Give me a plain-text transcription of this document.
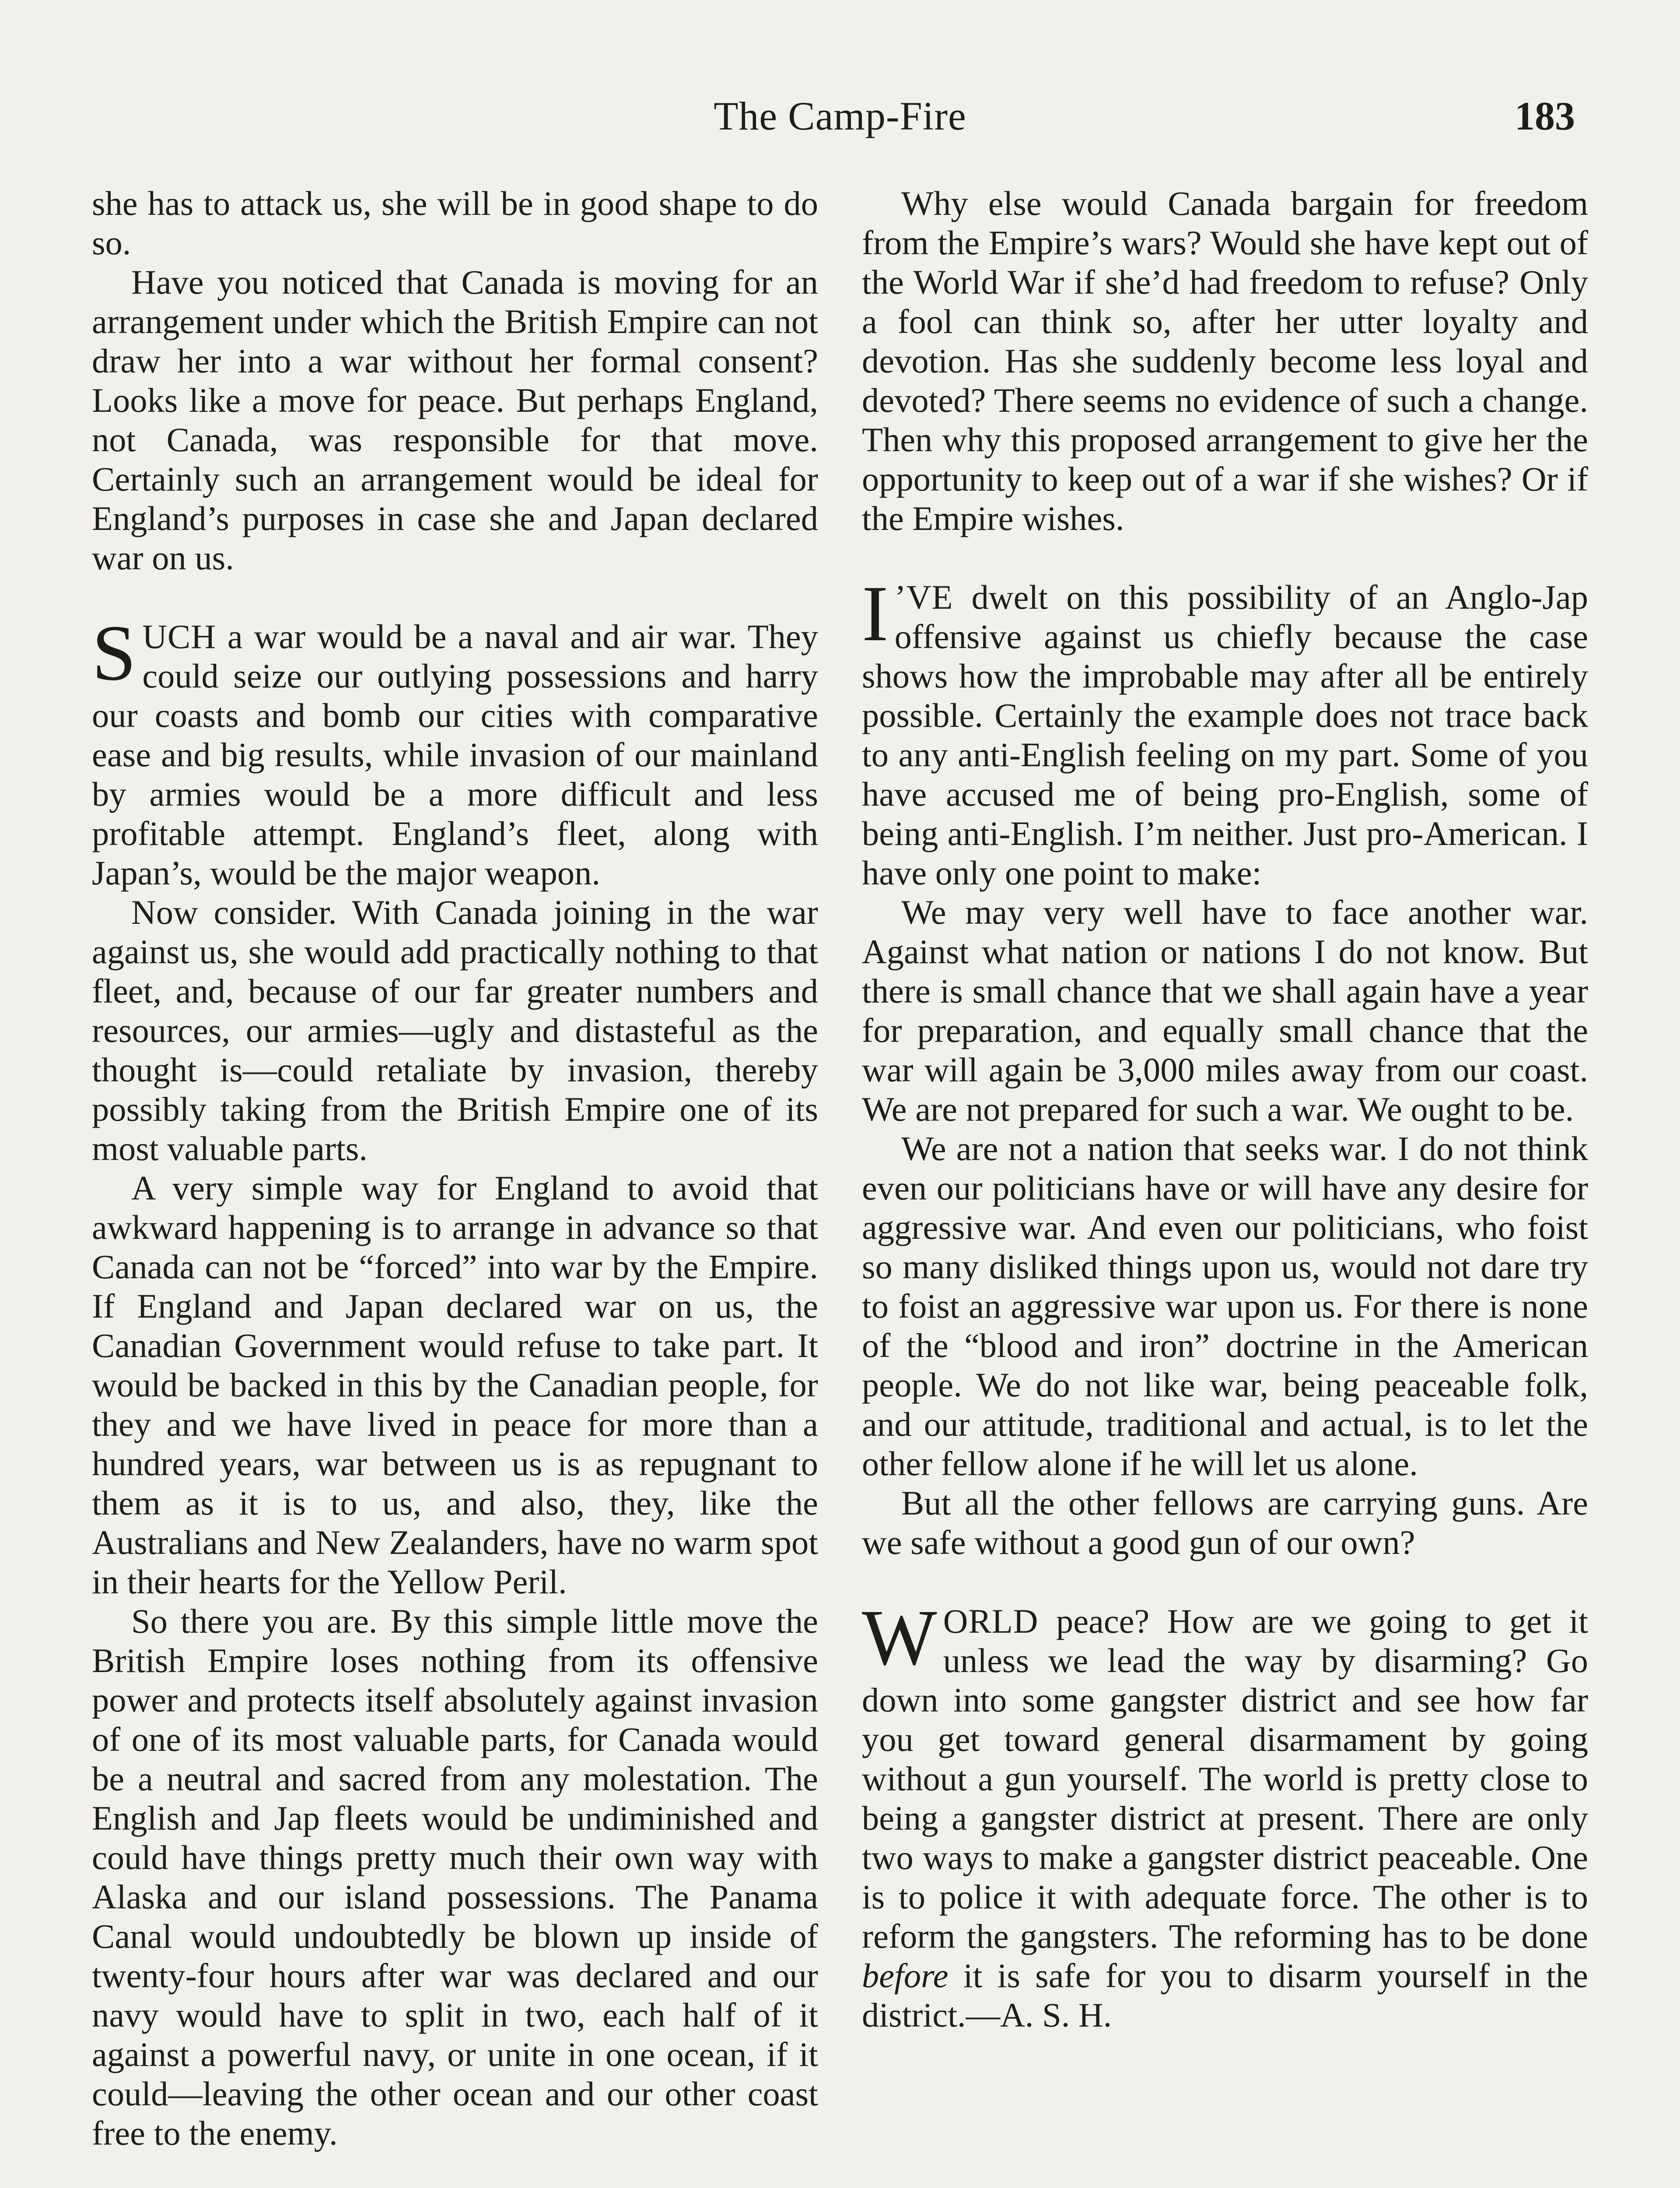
The Camp-Fire	183

she has to attack us, she will be in good shape to do so.

Have you noticed that Canada is moving for an arrangement under which the British Empire can not draw her into a war without her formal consent? Looks like a move for peace. But perhaps England, not Canada, was responsible for that move. Certainly such an arrangement would be ideal for England’s purposes in case she and Japan declared war on us.

SUCH a war would be a naval and air war. They could seize our outlying possessions and harry our coasts and bomb our cities with comparative ease and big results, while invasion of our mainland by armies would be a more difficult and less profitable attempt. England’s fleet, along with Japan’s, would be the major weapon.

Now consider. With Canada joining in the war against us, she would add practically nothing to that fleet, and, because of our far greater numbers and resources, our armies—ugly and distasteful as the thought is—could retaliate by invasion, thereby possibly taking from the British Empire one of its most valuable parts.

A very simple way for England to avoid that awkward happening is to arrange in advance so that Canada can not be “forced” into war by the Empire. If England and Japan declared war on us, the Canadian Government would refuse to take part. It would be backed in this by the Canadian people, for they and we have lived in peace for more than a hundred years, war between us is as repugnant to them as it is to us, and also, they, like the Australians and New Zealanders, have no warm spot in their hearts for the Yellow Peril.

So there you are. By this simple little move the British Empire loses nothing from its offensive power and protects itself absolutely against invasion of one of its most valuable parts, for Canada would be a neutral and sacred from any molestation. The English and Jap fleets would be undiminished and could have things pretty much their own way with Alaska and our island possessions. The Panama Canal would undoubtedly be blown up inside of twenty-four hours after war was declared and our navy would have to split in two, each half of it against a powerful navy, or unite in one ocean, if it could—leaving the other ocean and our other coast free to the enemy.

Why else would Canada bargain for freedom from the Empire’s wars? Would she have kept out of the World War if she’d had freedom to refuse? Only a fool can think so, after her utter loyalty and devotion. Has she suddenly become less loyal and devoted? There seems no evidence of such a change. Then why this proposed arrangement to give her the opportunity to keep out of a war if she wishes? Or if the Empire wishes.

I ’VE dwelt on this possibility of an Anglo-Jap offensive against us chiefly because the case shows how the improbable may after all be entirely possible. Certainly the example does not trace back to any anti-English feeling on my part. Some of you have accused me of being pro-English, some of being anti-English. I’m neither. Just pro-American. I have only one point to make:

We may very well have to face another war. Against what nation or nations I do not know. But there is small chance that we shall again have a year for preparation, and equally small chance that the war will again be 3,000 miles away from our coast. We are not prepared for such a war. We ought to be.

We are not a nation that seeks war. I do not think even our politicians have or will have any desire for aggressive war. And even our politicians, who foist so many disliked things upon us, would not dare try to foist an aggressive war upon us. For there is none of the “blood and iron” doctrine in the American people. We do not like war, being peaceable folk, and our attitude, traditional and actual, is to let the other fellow alone if he will let us alone.

But all the other fellows are carrying guns. Are we safe without a good gun of our own?

WORLD peace? How are we going to get it unless we lead the way by disarming? Go down into some gangster district and see how far you get toward general disarmament by going without a gun yourself. The world is pretty close to being a gangster district at present. There are only two ways to make a gangster district peaceable. One is to police it with adequate force. The other is to reform the gangsters. The reforming has to be done before it is safe for you to disarm yourself in the district.—A. S. H.
